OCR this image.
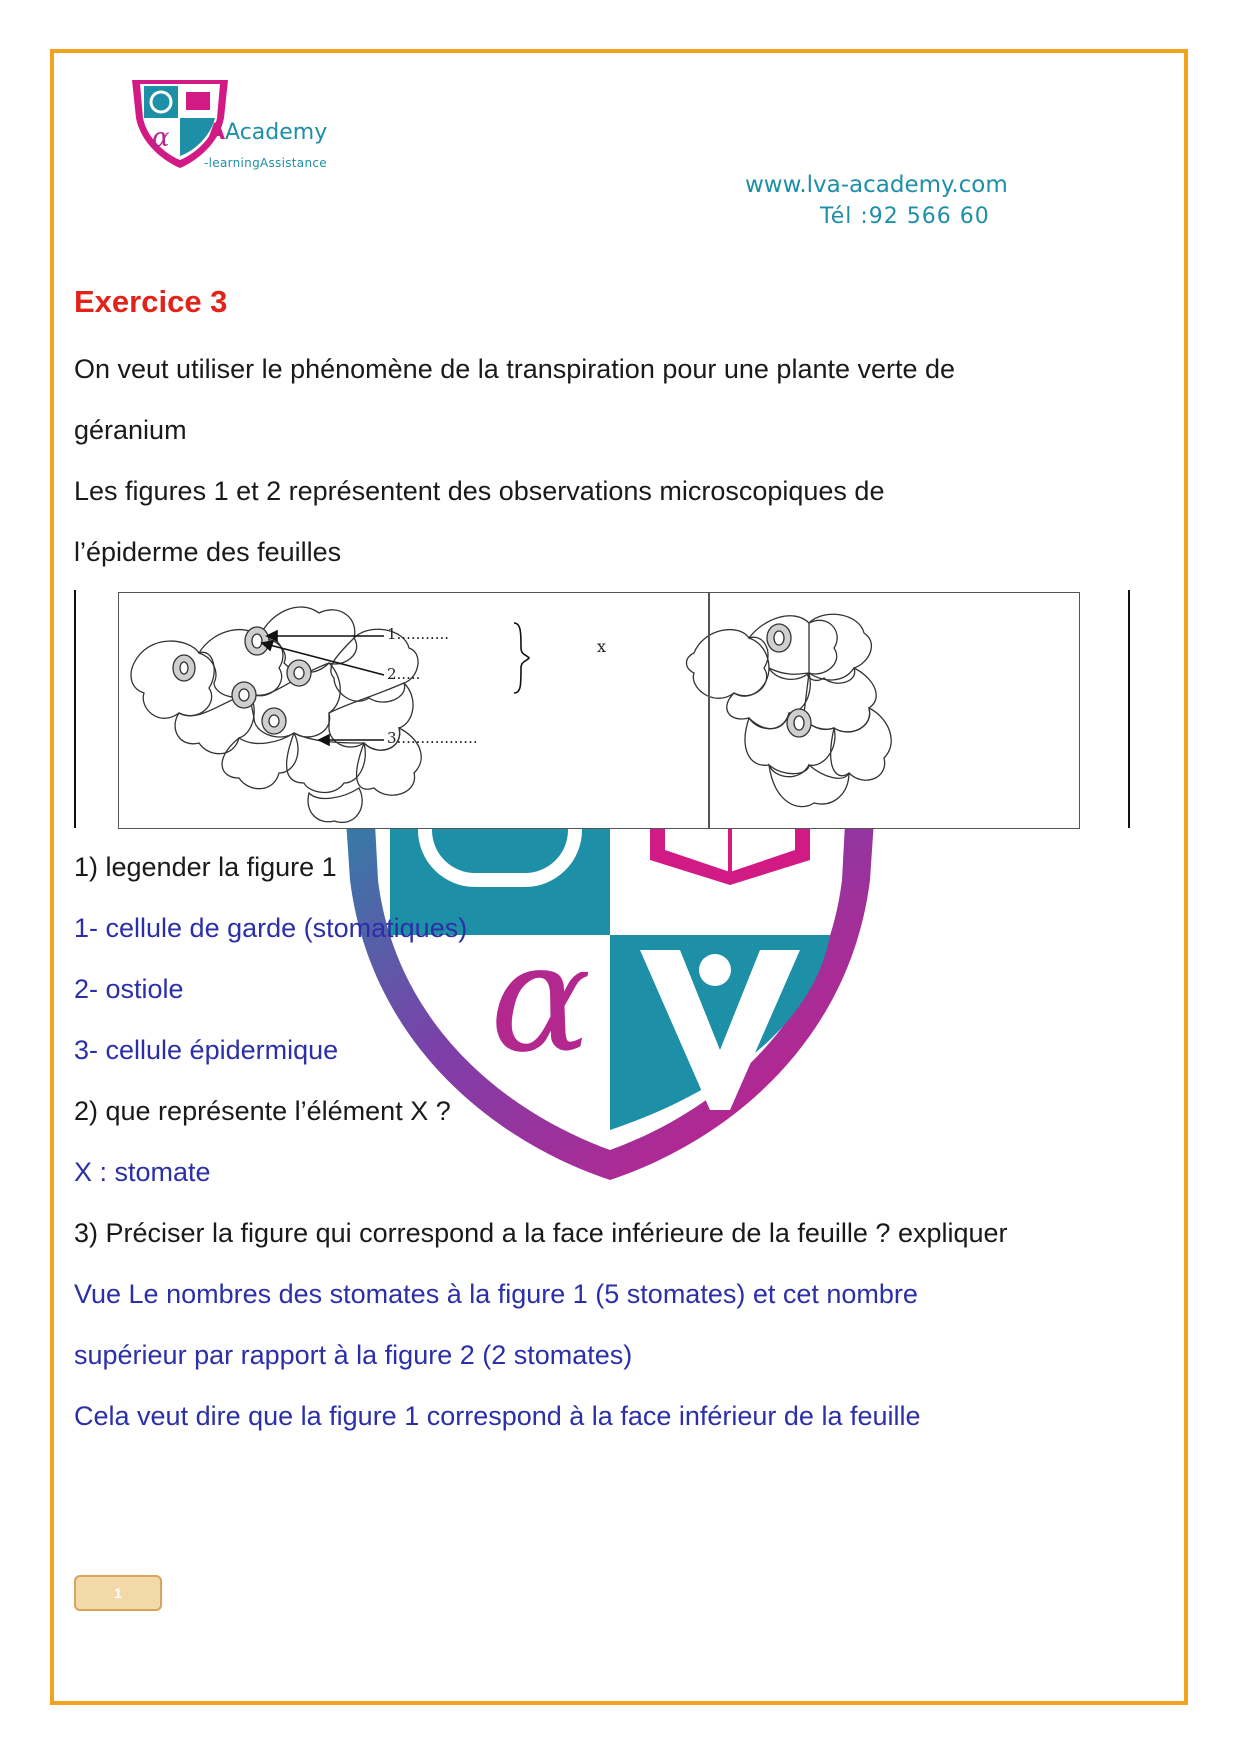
α
α AAcademy
-learningAssistance
www.lva-academy.com
Tél :92 566 60
Exercice 3
On veut utiliser le phénomène de la transpiration pour une plante verte de
géranium
Les figures 1 et 2 représentent des observations microscopiques de
l’épiderme des feuilles
1...........
2.....
3.................
x
1) legender la figure 1
1- cellule de garde (stomatiques)
2- ostiole
3- cellule épidermique
2) que représente l’élément X ?
X : stomate
3) Préciser la figure qui correspond a la face inférieure de la feuille ? expliquer
Vue Le nombres des stomates à la figure 1 (5 stomates) et cet nombre
supérieur par rapport à la figure 2 (2 stomates)
Cela veut dire que la figure 1 correspond à la face inférieur de la feuille
1
